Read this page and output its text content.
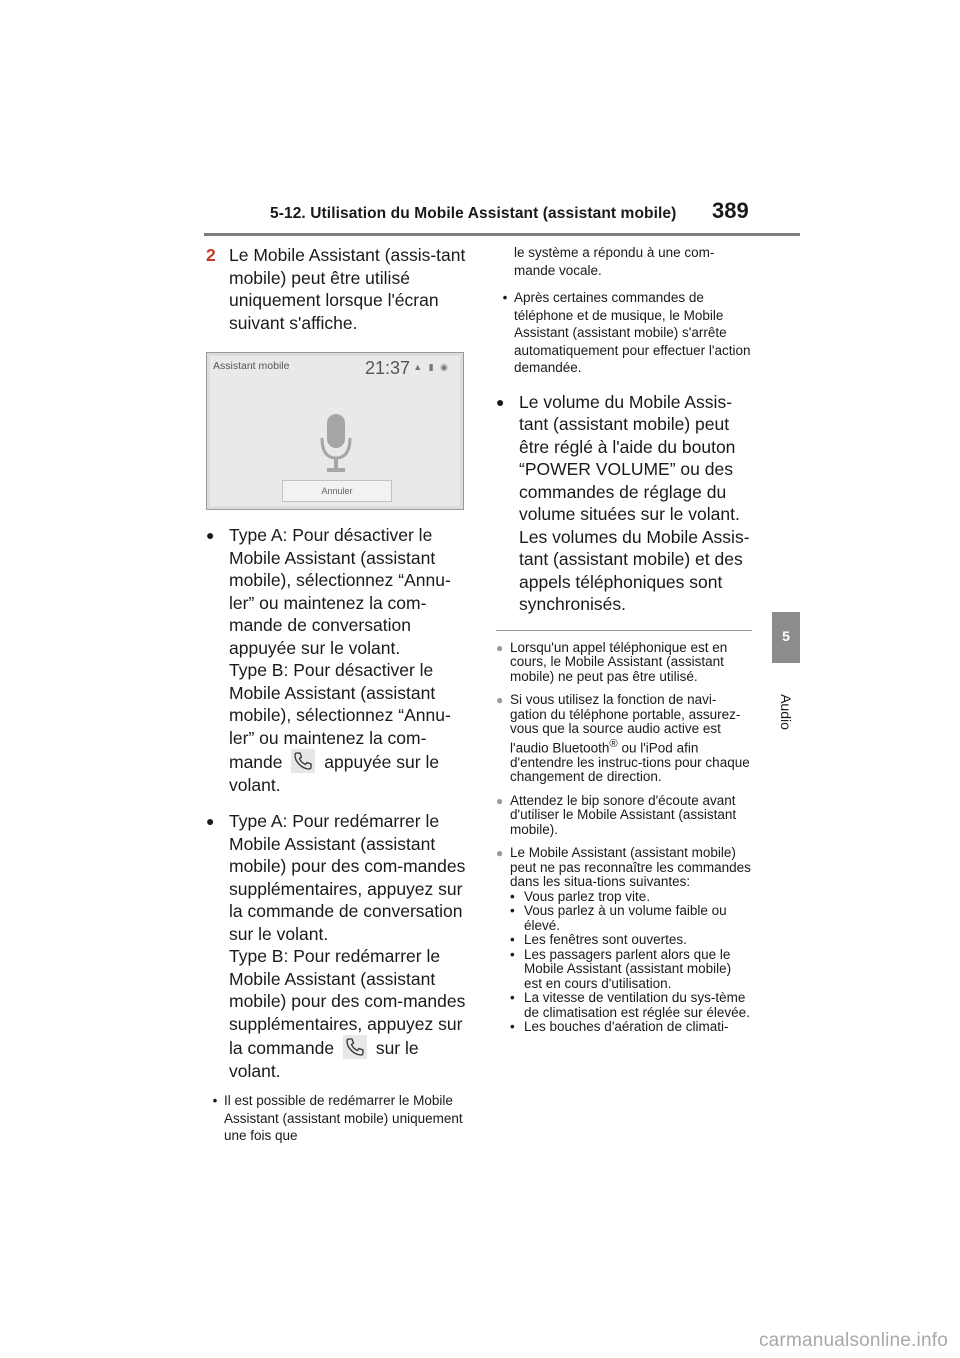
5-12. Utilisation du Mobile Assistant (assistant mobile)	389
5
Audio
2 Le Mobile Assistant (assis-tant mobile) peut être utilisé uniquement lorsque l'écran suivant s'affiche.
Assistant mobile	21:37 ▲ ▮ ◉
Annuler
● Type A: Pour désactiver le Mobile Assistant (assistant mobile), sélectionnez “Annu-ler” ou maintenez la com-mande de conversation appuyée sur le volant.

Type B: Pour désactiver le Mobile Assistant (assistant mobile), sélectionnez “Annu-ler” ou maintenez la com-mande appuyée sur le volant.

● Type A: Pour redémarrer le Mobile Assistant (assistant mobile) pour des com-mandes supplémentaires, appuyez sur la commande de conversation sur le volant.

Type B: Pour redémarrer le Mobile Assistant (assistant mobile) pour des com-mandes supplémentaires, appuyez sur la commande sur le volant.

• Il est possible de redémarrer le Mobile Assistant (assistant mobile) uniquement une fois que
le système a répondu à une com-mande vocale.
• Après certaines commandes de téléphone et de musique, le Mobile Assistant (assistant mobile) s'arrête automatiquement pour effectuer l'action demandée.
● Le volume du Mobile Assis-tant (assistant mobile) peut être réglé à l'aide du bouton “POWER VOLUME” ou des commandes de réglage du volume situées sur le volant. Les volumes du Mobile Assis-tant (assistant mobile) et des appels téléphoniques sont synchronisés.
● Lorsqu'un appel téléphonique est en cours, le Mobile Assistant (assistant mobile) ne peut pas être utilisé.
● Si vous utilisez la fonction de navi-gation du téléphone portable, assurez-vous que la source audio active est l'audio Bluetooth® ou l'iPod afin d'entendre les instruc-tions pour chaque changement de direction.
● Attendez le bip sonore d'écoute avant d'utiliser le Mobile Assistant (assistant mobile).
● Le Mobile Assistant (assistant mobile) peut ne pas reconnaître les commandes dans les situa-tions suivantes:
• Vous parlez trop vite.
• Vous parlez à un volume faible ou élevé.
• Les fenêtres sont ouvertes.
• Les passagers parlent alors que le Mobile Assistant (assistant mobile) est en cours d'utilisation.
• La vitesse de ventilation du sys-tème de climatisation est réglée sur élevée.
• Les bouches d'aération de climati-
carmanualsonline.info
